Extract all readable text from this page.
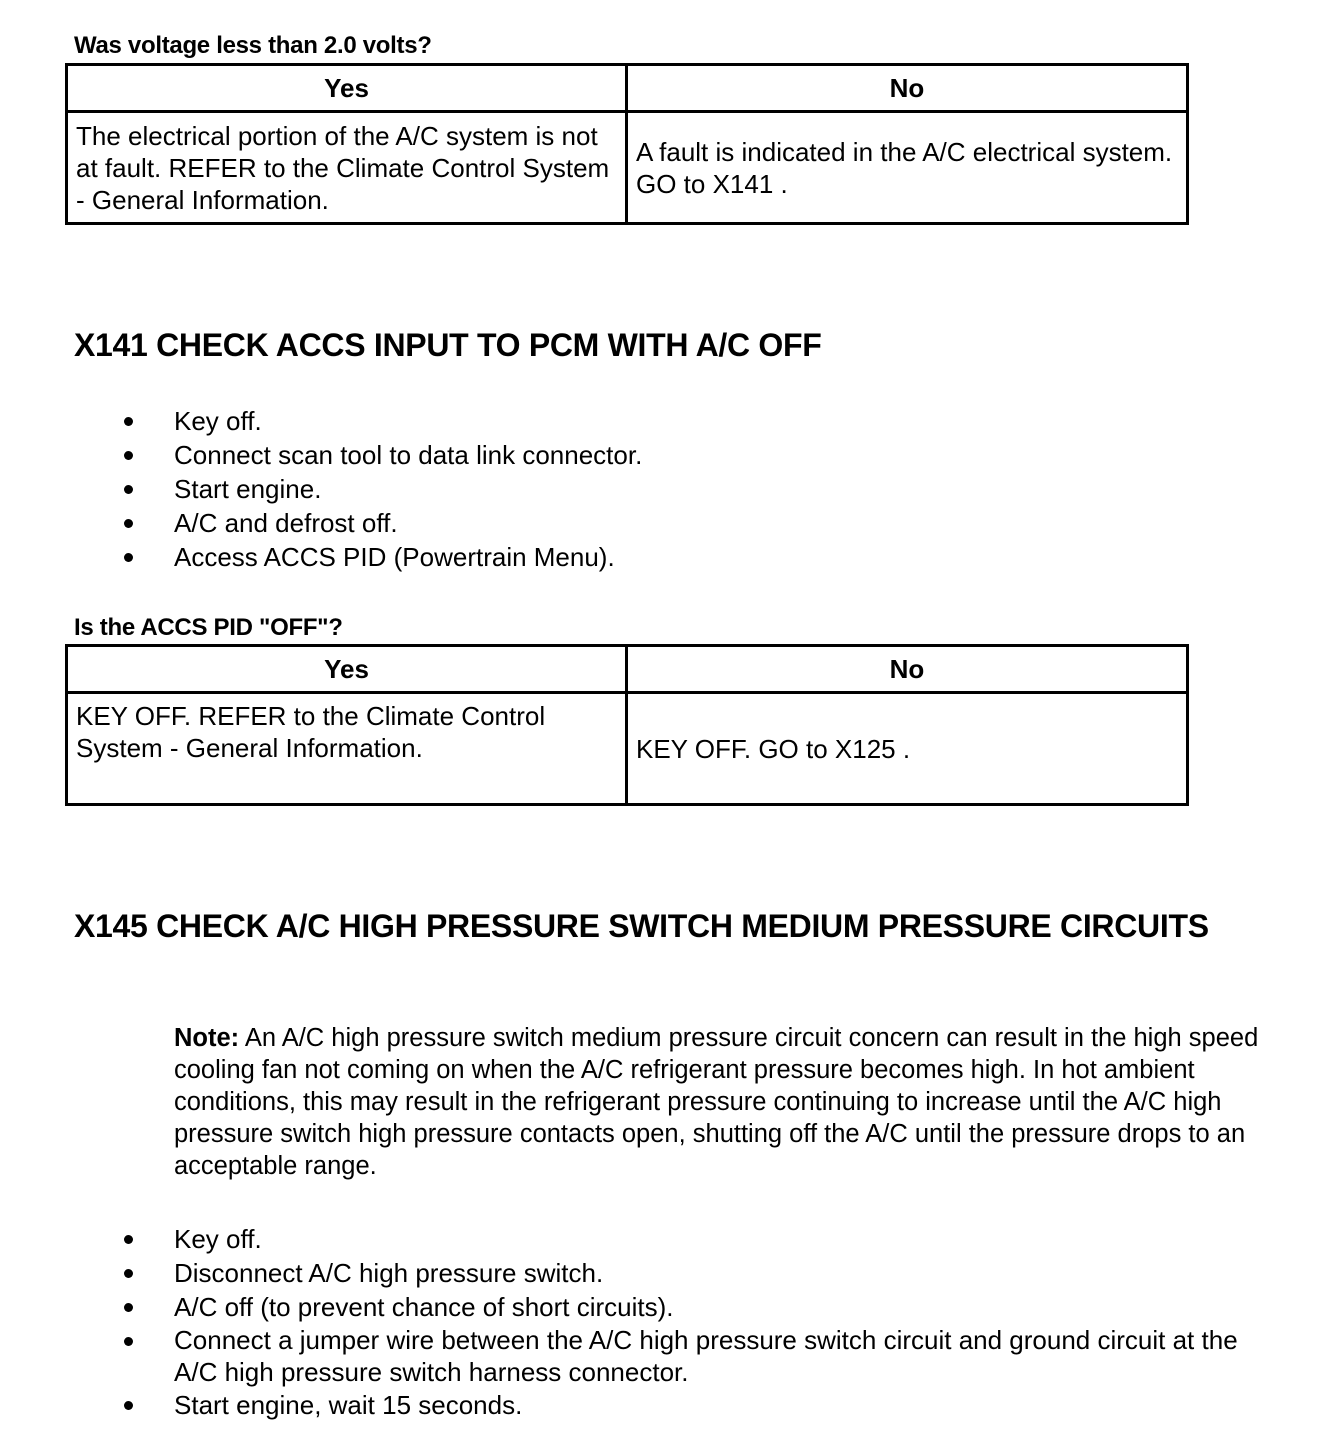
Was voltage less than 2.0 volts?
Yes	No
The electrical portion of the A/C system is not at fault. REFER to the Climate Control System - General Information.	A fault is indicated in the A/C electrical system. GO to X141 .
X141 CHECK ACCS INPUT TO PCM WITH A/C OFF
Key off.
Connect scan tool to data link connector.
Start engine.
A/C and defrost off.
Access ACCS PID (Powertrain Menu).
Is the ACCS PID "OFF"?
Yes	No
KEY OFF. REFER to the Climate Control System - General Information.	KEY OFF. GO to X125 .
X145 CHECK A/C HIGH PRESSURE SWITCH MEDIUM PRESSURE CIRCUITS
Note: An A/C high pressure switch medium pressure circuit concern can result in the high speed cooling fan not coming on when the A/C refrigerant pressure becomes high. In hot ambient conditions, this may result in the refrigerant pressure continuing to increase until the A/C high pressure switch high pressure contacts open, shutting off the A/C until the pressure drops to an acceptable range.
Key off.
Disconnect A/C high pressure switch.
A/C off (to prevent chance of short circuits).
Connect a jumper wire between the A/C high pressure switch circuit and ground circuit at the A/C high pressure switch harness connector.
Start engine, wait 15 seconds.
